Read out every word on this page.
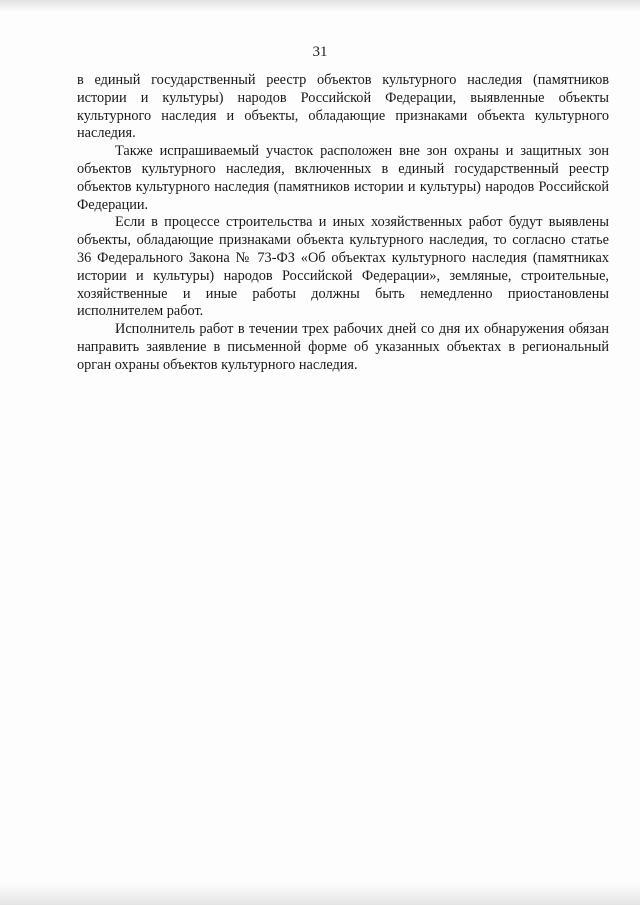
31

в единый государственный реестр объектов культурного наследия (памятников истории и культуры) народов Российской Федерации, выявленные объекты культурного наследия и объекты, обладающие признаками объекта культурного наследия.

Также испрашиваемый участок расположен вне зон охраны и защитных зон объектов культурного наследия, включенных в единый государственный реестр объектов культурного наследия (памятников истории и культуры) народов Российской Федерации.

Если в процессе строительства и иных хозяйственных работ будут выявлены объекты, обладающие признаками объекта культурного наследия, то согласно статье 36 Федерального Закона № 73-ФЗ «Об объектах культурного наследия (памятниках истории и культуры) народов Российской Федерации», земляные, строительные, хозяйственные и иные работы должны быть немедленно приостановлены исполнителем работ.

Исполнитель работ в течении трех рабочих дней со дня их обнаружения обязан направить заявление в письменной форме об указанных объектах в региональный орган охраны объектов культурного наследия.
